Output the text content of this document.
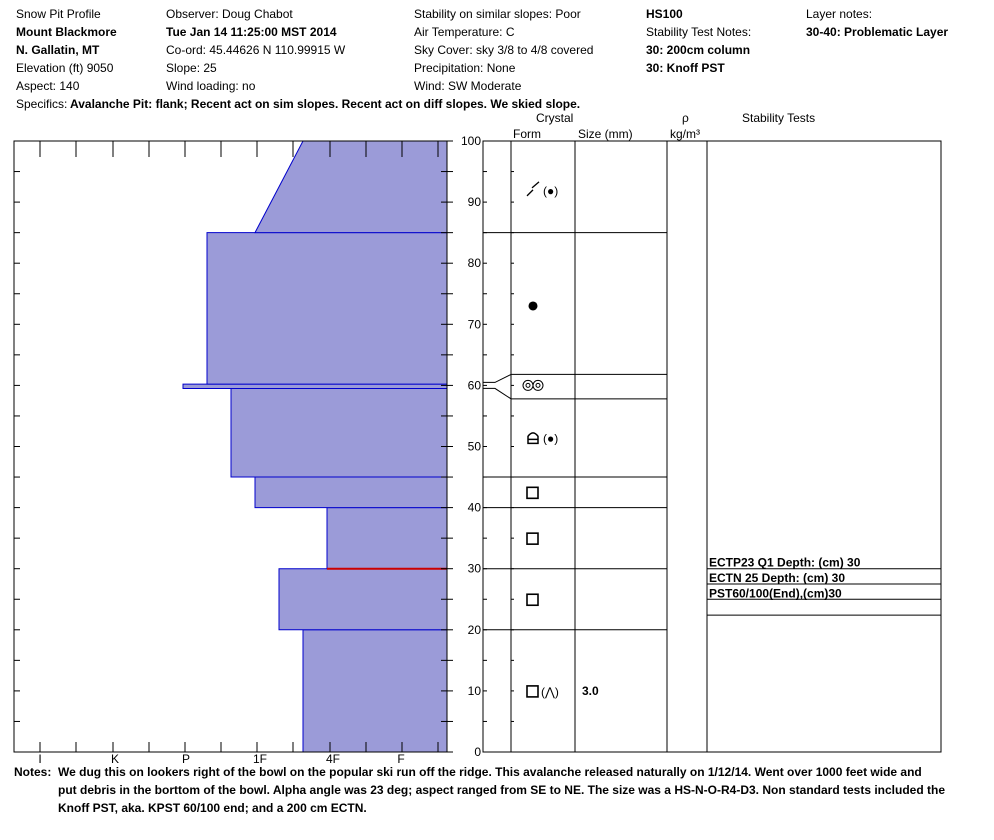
Snow Pit Profile
Mount Blackmore
N. Gallatin, MT
Elevation (ft) 9050
Aspect: 140
Observer: Doug Chabot
Tue Jan 14 11:25:00 MST 2014
Co-ord: 45.44626 N 110.99915 W
Slope: 25
Wind loading: no
Stability on similar slopes: Poor
Air Temperature: C
Sky Cover: sky 3/8 to 4/8 covered
Precipitation: None
Wind: SW Moderate
HS100
Stability Test Notes:
30: 200cm column
30: Knoff PST
Layer notes:
30-40: Problematic Layer
Specifics: Avalanche Pit: flank; Recent act on sim slopes. Recent act on diff slopes. We skied slope.
I	K	P	1F	4F	F	0
10
20
30
40
50
60
70
80
90
100
(●)
(●)
(⋀) 3.0
ECTP23 Q1 Depth: (cm) 30
ECTN 25 Depth: (cm) 30
PST60/100(End),(cm)30
Crystal
Form	Size (mm)
ρ
kg/m³
Stability Tests
Notes: We dug this on lookers right of the bowl on the popular ski run off the ridge. This avalanche released naturally on 1/12/14. Went over 1000 feet wide and
put debris in the borttom of the bowl. Alpha angle was 23 deg; aspect ranged from SE to NE. The size was a HS-N-O-R4-D3. Non standard tests included the
Knoff PST, aka. KPST 60/100 end; and a 200 cm ECTN.
